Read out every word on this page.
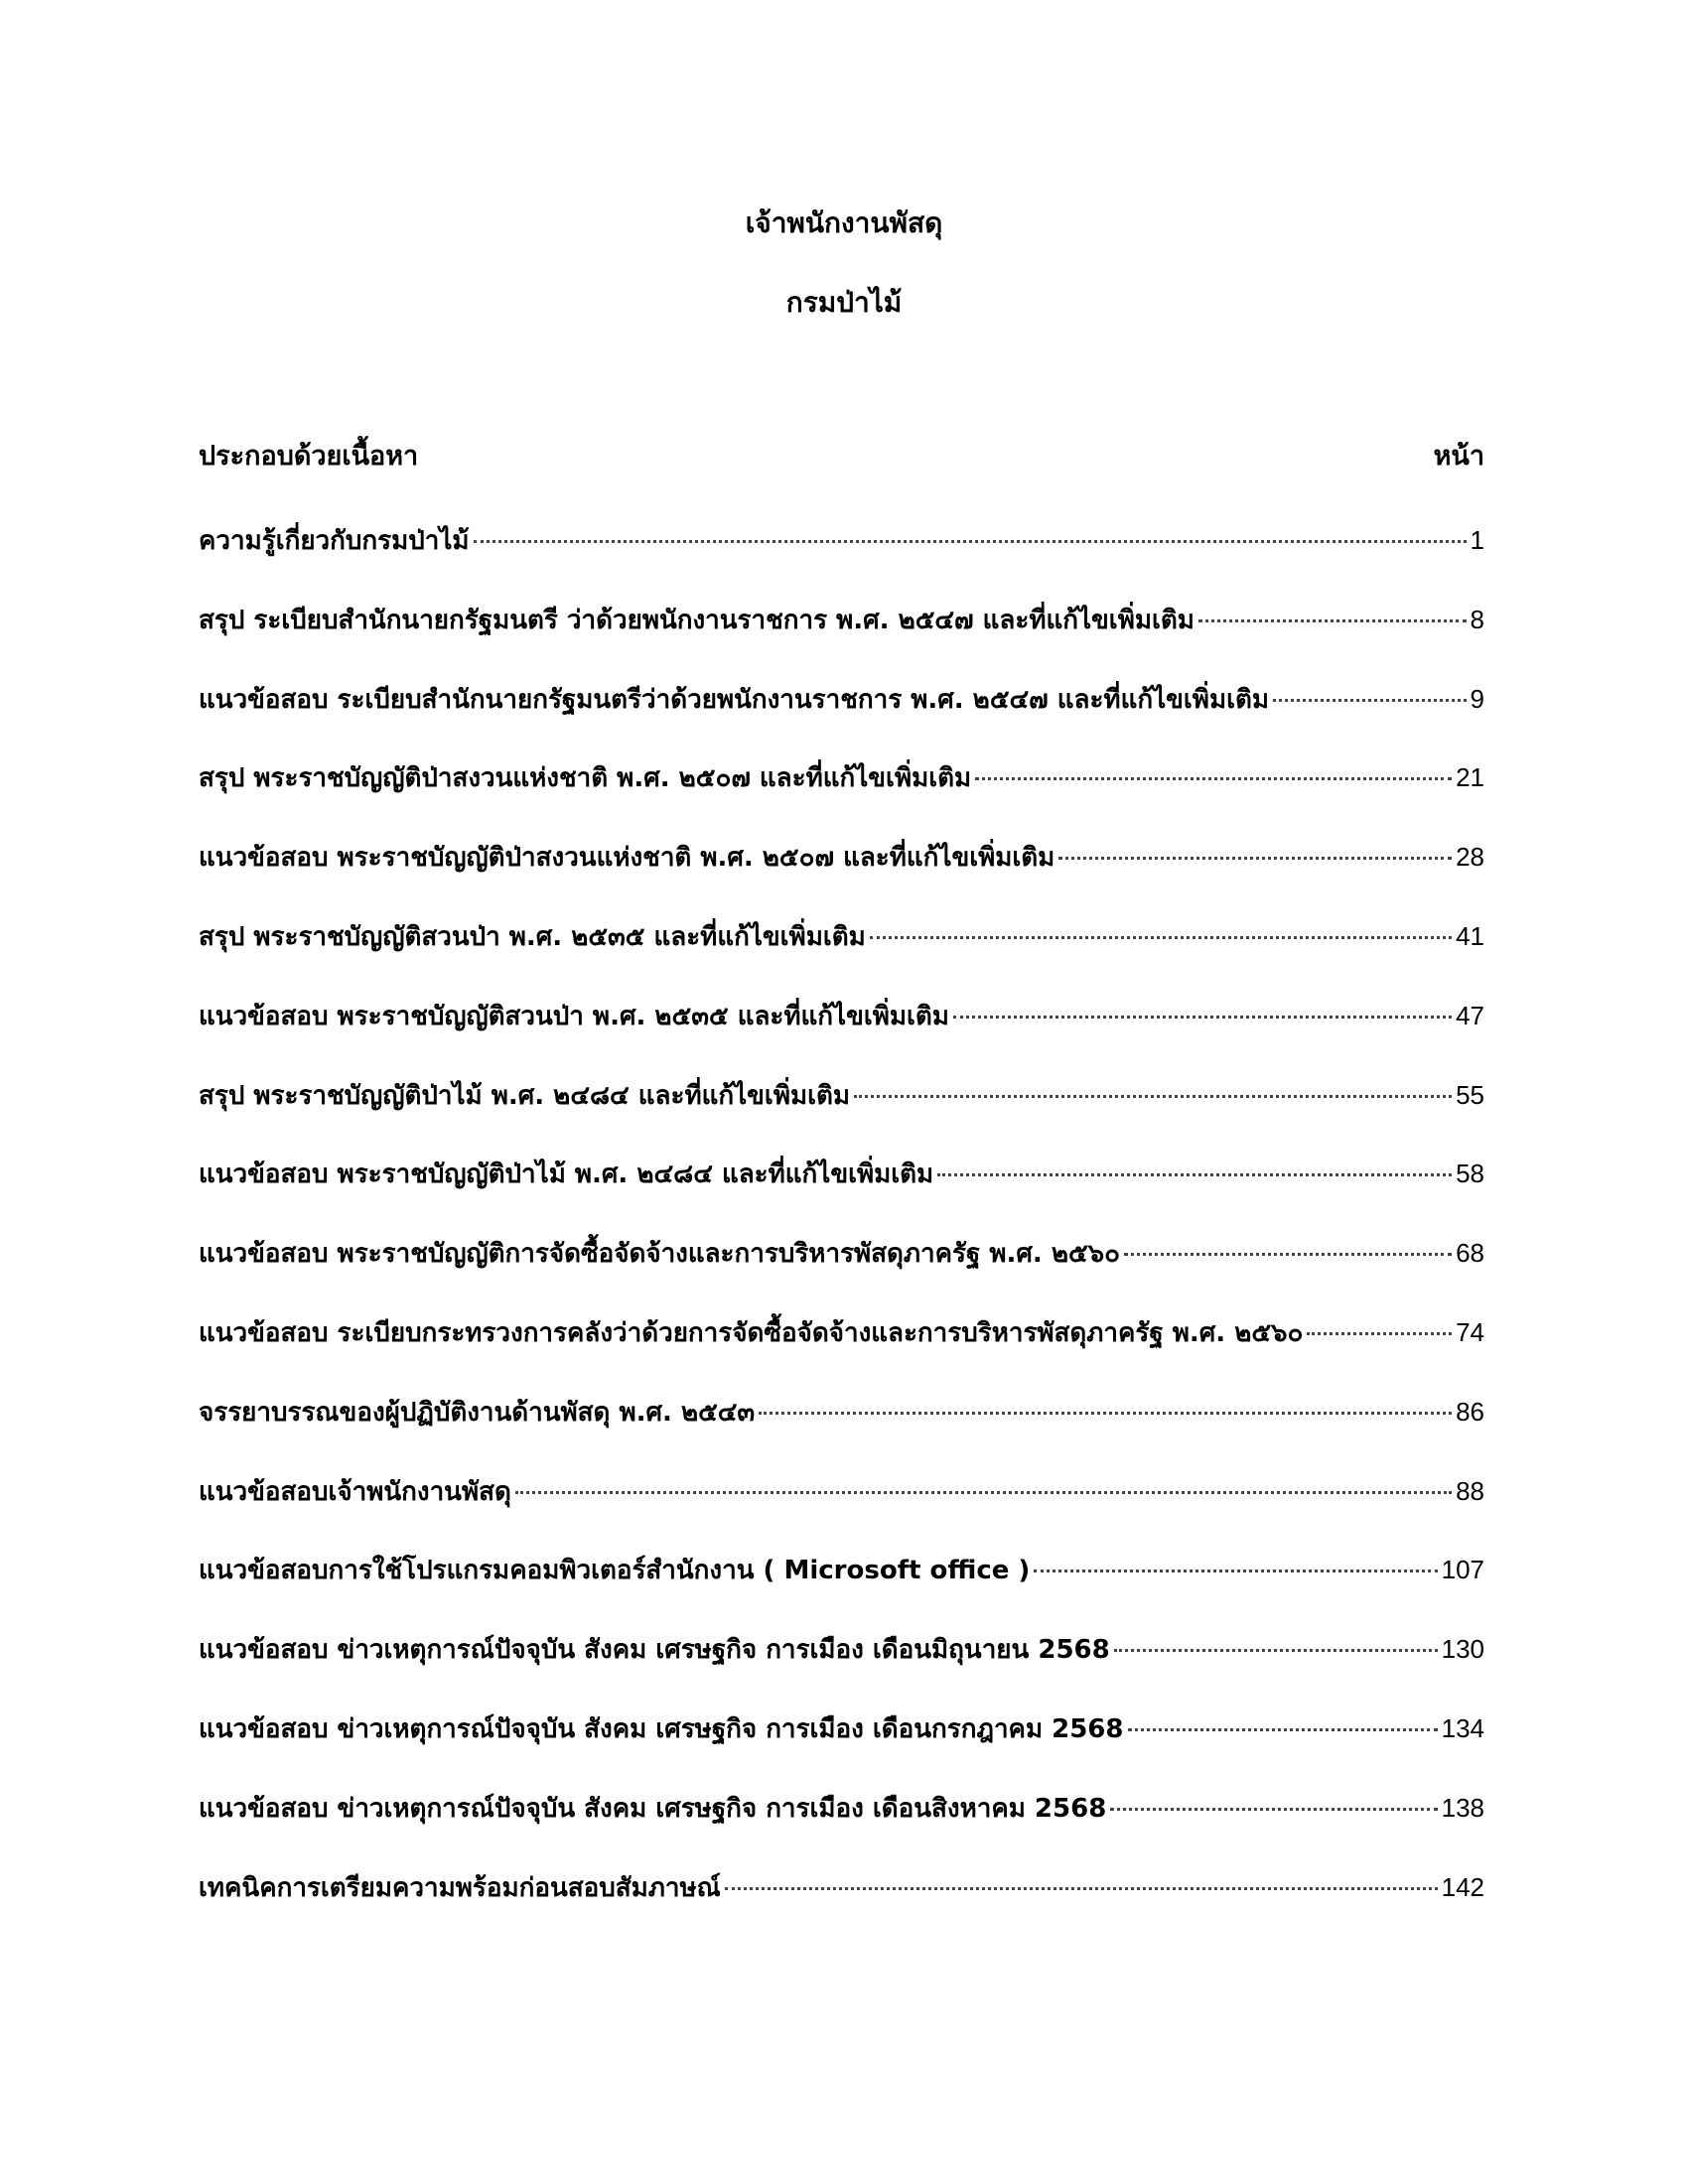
เจ้าพนักงานพัสดุ
กรมป่าไม้
ประกอบด้วยเนื้อหา	หน้า
ความรู้เกี่ยวกับกรมป่าไม้	1
สรุป ระเบียบสำนักนายกรัฐมนตรี ว่าด้วยพนักงานราชการ พ.ศ. ๒๕๔๗ และที่แก้ไขเพิ่มเติม	8
แนวข้อสอบ ระเบียบสำนักนายกรัฐมนตรีว่าด้วยพนักงานราชการ พ.ศ. ๒๕๔๗ และที่แก้ไขเพิ่มเติม	9
สรุป พระราชบัญญัติป่าสงวนแห่งชาติ พ.ศ. ๒๕๐๗ และที่แก้ไขเพิ่มเติม	21
แนวข้อสอบ พระราชบัญญัติป่าสงวนแห่งชาติ พ.ศ. ๒๕๐๗ และที่แก้ไขเพิ่มเติม	28
สรุป พระราชบัญญัติสวนป่า พ.ศ. ๒๕๓๕ และที่แก้ไขเพิ่มเติม	41
แนวข้อสอบ พระราชบัญญัติสวนป่า พ.ศ. ๒๕๓๕ และที่แก้ไขเพิ่มเติม	47
สรุป พระราชบัญญัติป่าไม้ พ.ศ. ๒๔๘๔ และที่แก้ไขเพิ่มเติม	55
แนวข้อสอบ พระราชบัญญัติป่าไม้ พ.ศ. ๒๔๘๔ และที่แก้ไขเพิ่มเติม	58
แนวข้อสอบ พระราชบัญญัติการจัดซื้อจัดจ้างและการบริหารพัสดุภาครัฐ พ.ศ. ๒๕๖๐	68
แนวข้อสอบ ระเบียบกระทรวงการคลังว่าด้วยการจัดซื้อจัดจ้างและการบริหารพัสดุภาครัฐ พ.ศ. ๒๕๖๐	74
จรรยาบรรณของผู้ปฏิบัติงานด้านพัสดุ พ.ศ. ๒๕๔๓	86
แนวข้อสอบเจ้าพนักงานพัสดุ	88
แนวข้อสอบการใช้โปรแกรมคอมพิวเตอร์สำนักงาน ( Microsoft office )	107
แนวข้อสอบ ข่าวเหตุการณ์ปัจจุบัน สังคม เศรษฐกิจ การเมือง เดือนมิถุนายน 2568	130
แนวข้อสอบ ข่าวเหตุการณ์ปัจจุบัน สังคม เศรษฐกิจ การเมือง เดือนกรกฎาคม 2568	134
แนวข้อสอบ ข่าวเหตุการณ์ปัจจุบัน สังคม เศรษฐกิจ การเมือง เดือนสิงหาคม 2568	138
เทคนิคการเตรียมความพร้อมก่อนสอบสัมภาษณ์	142
